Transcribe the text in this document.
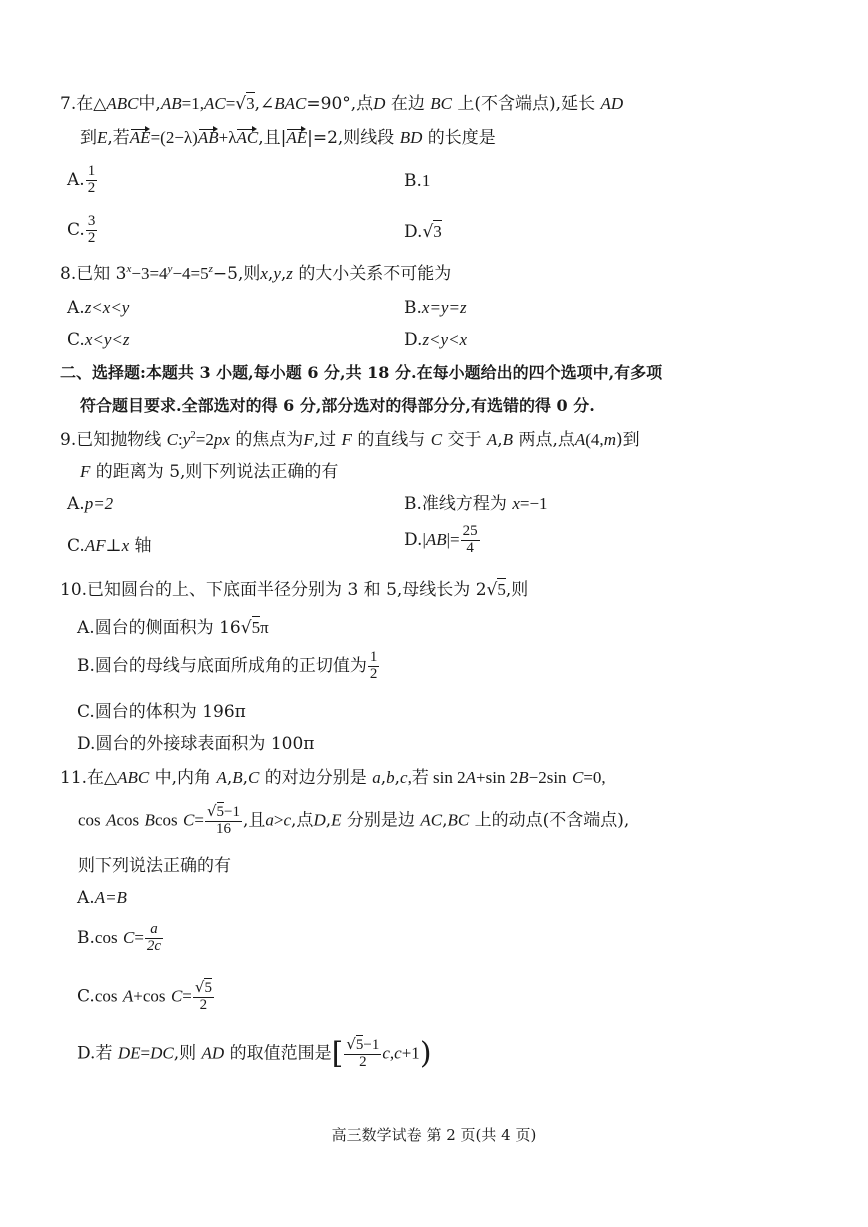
7.在△ABC中,AB=1,AC=√3,∠BAC=90°,点D 在边 BC 上(不含端点),延长 AD
到E,若AE=(2−λ)AB+λAC,且|AE|=2,则线段 BD 的长度是
A. $\frac{1}{2}$	B.1
C. $\frac{3}{2}$	D.√3
8.已知 $3^x-3=4^y-4=5^z-5$,则x,y,z 的大小关系不可能为
A.z<x<y	B.x=y=z
C.x<y<z	D.z<y<x
二、选择题:本题共 3 小题,每小题 6 分,共 18 分.在每小题给出的四个选项中,有多项
符合题目要求.全部选对的得 6 分,部分选对的得部分分,有选错的得 0 分.
9.已知抛物线 $C:y^2=2px$ 的焦点为F,过 F 的直线与 C 交于 A,B 两点,点A(4,m)到
F 的距离为 5,则下列说法正确的有
A.p=2	B.准线方程为 x=−1
C.AF⊥x 轴	$D.|AB|= \frac{25}{4}$
10.已知圆台的上、下底面半径分别为 3 和 5,母线长为 2√5,则
A.圆台的侧面积为 16√5π
B.圆台的母线与底面所成角的正切值为 $\frac{1}{2}$
C.圆台的体积为 196π
D.圆台的外接球表面积为 100π
11.在△ABC 中,内角 A,B,C 的对边分别是 a,b,c,若 sin 2A+sin 2B−2sin C=0,
cos Acos Bcos $C= \frac{√5-1}{16}$ ,且a>c,点D,E 分别是边 AC,BC 上的动点(不含端点),
则下列说法正确的有
A.A=B
B.cos $C= \frac{a}{2c}$
C.cos A+cos $C= \frac{√5}{2}$
D.若 DE=DC,则 AD 的取值范围是[ $\frac{√5-1}{2} c,c+1$)
高三数学试卷 第 2 页(共 4 页)
